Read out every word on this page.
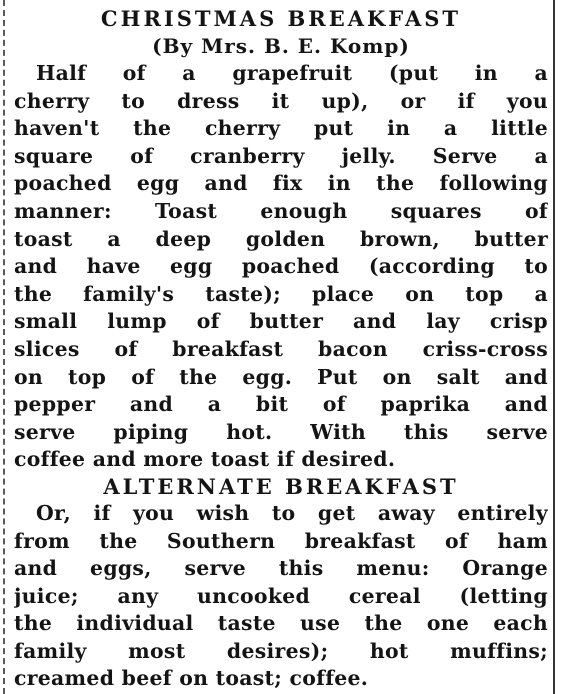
CHRISTMAS BREAKFAST
(By Mrs. B. E. Komp)
Half of a grapefruit (put in a
cherry to dress it up), or if you
haven't the cherry put in a little
square of cranberry jelly. Serve a
poached egg and fix in the following
manner: Toast enough squares of
toast a deep golden brown, butter
and have egg poached (according to
the family's taste); place on top a
small lump of butter and lay crisp
slices of breakfast bacon criss-cross
on top of the egg. Put on salt and
pepper and a bit of paprika and
serve piping hot. With this serve
coffee and more toast if desired.
ALTERNATE BREAKFAST
Or, if you wish to get away entirely
from the Southern breakfast of ham
and eggs, serve this menu: Orange
juice; any uncooked cereal (letting
the individual taste use the one each
family most desires); hot muffins;
creamed beef on toast; coffee.
